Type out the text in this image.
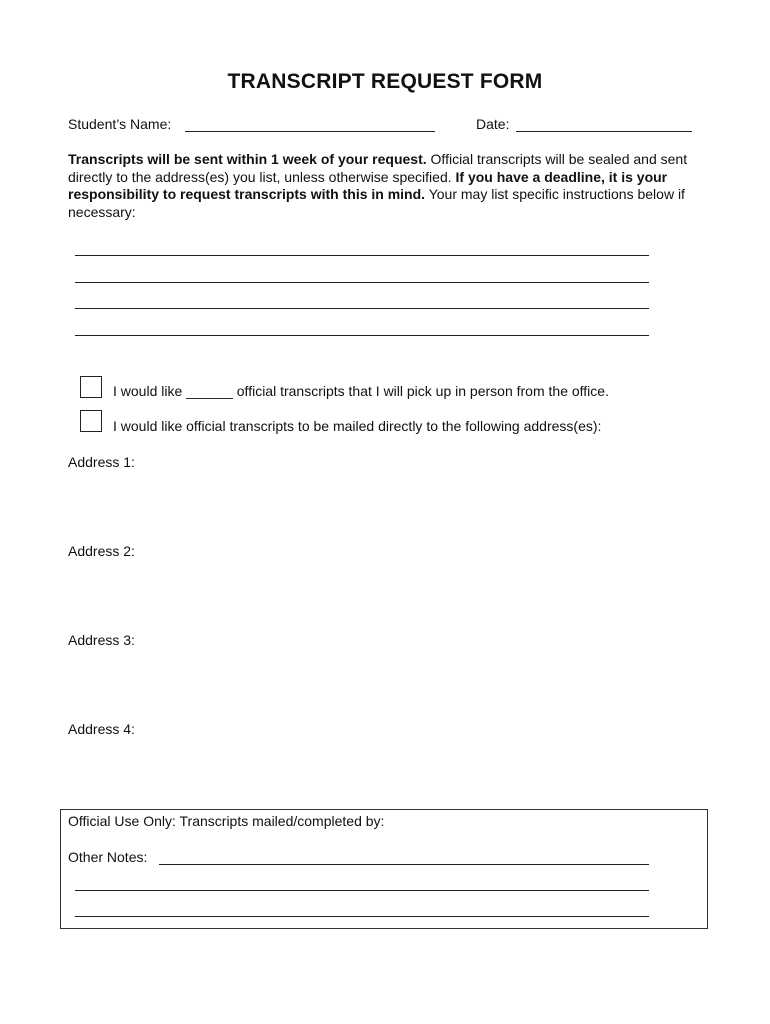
TRANSCRIPT REQUEST FORM
Student’s Name:	Date:
Transcripts will be sent within 1 week of your request. Official transcripts will be sealed and sent directly to the address(es) you list, unless otherwise specified. If you have a deadline, it is your responsibility to request transcripts with this in mind. Your may list specific instructions below if necessary:
I would like ______ official transcripts that I will pick up in person from the office.
I would like official transcripts to be mailed directly to the following address(es):
Address 1:
Address 2:
Address 3:
Address 4:
Official Use Only: Transcripts mailed/completed by:
Other Notes:
